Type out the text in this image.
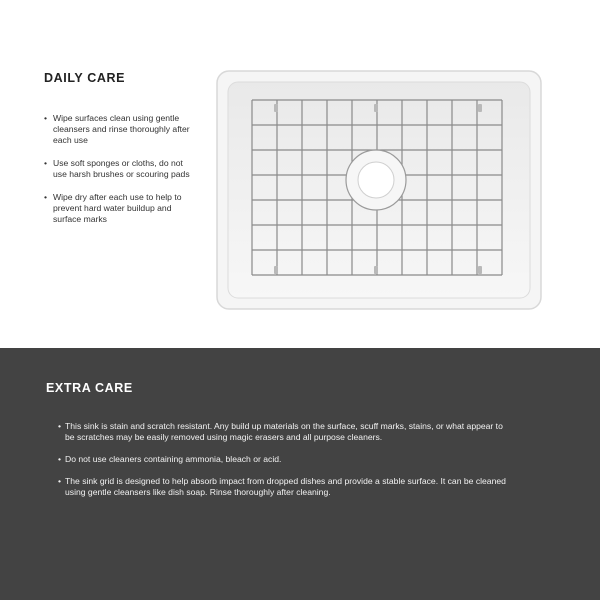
DAILY CARE
• Wipe surfaces clean using gentle cleansers and rinse thoroughly after each use
• Use soft sponges or cloths, do not use harsh brushes or scouring pads
• Wipe dry after each use to help to prevent hard water buildup and surface marks
EXTRA CARE
• This sink is stain and scratch resistant. Any build up materials on the surface, scuff marks, stains, or what appear to be scratches may be easily removed using magic erasers and all purpose cleaners.
• Do not use cleaners containing ammonia, bleach or acid.
• The sink grid is designed to help absorb impact from dropped dishes and provide a stable surface. It can be cleaned using gentle cleansers like dish soap. Rinse thoroughly after cleaning.
